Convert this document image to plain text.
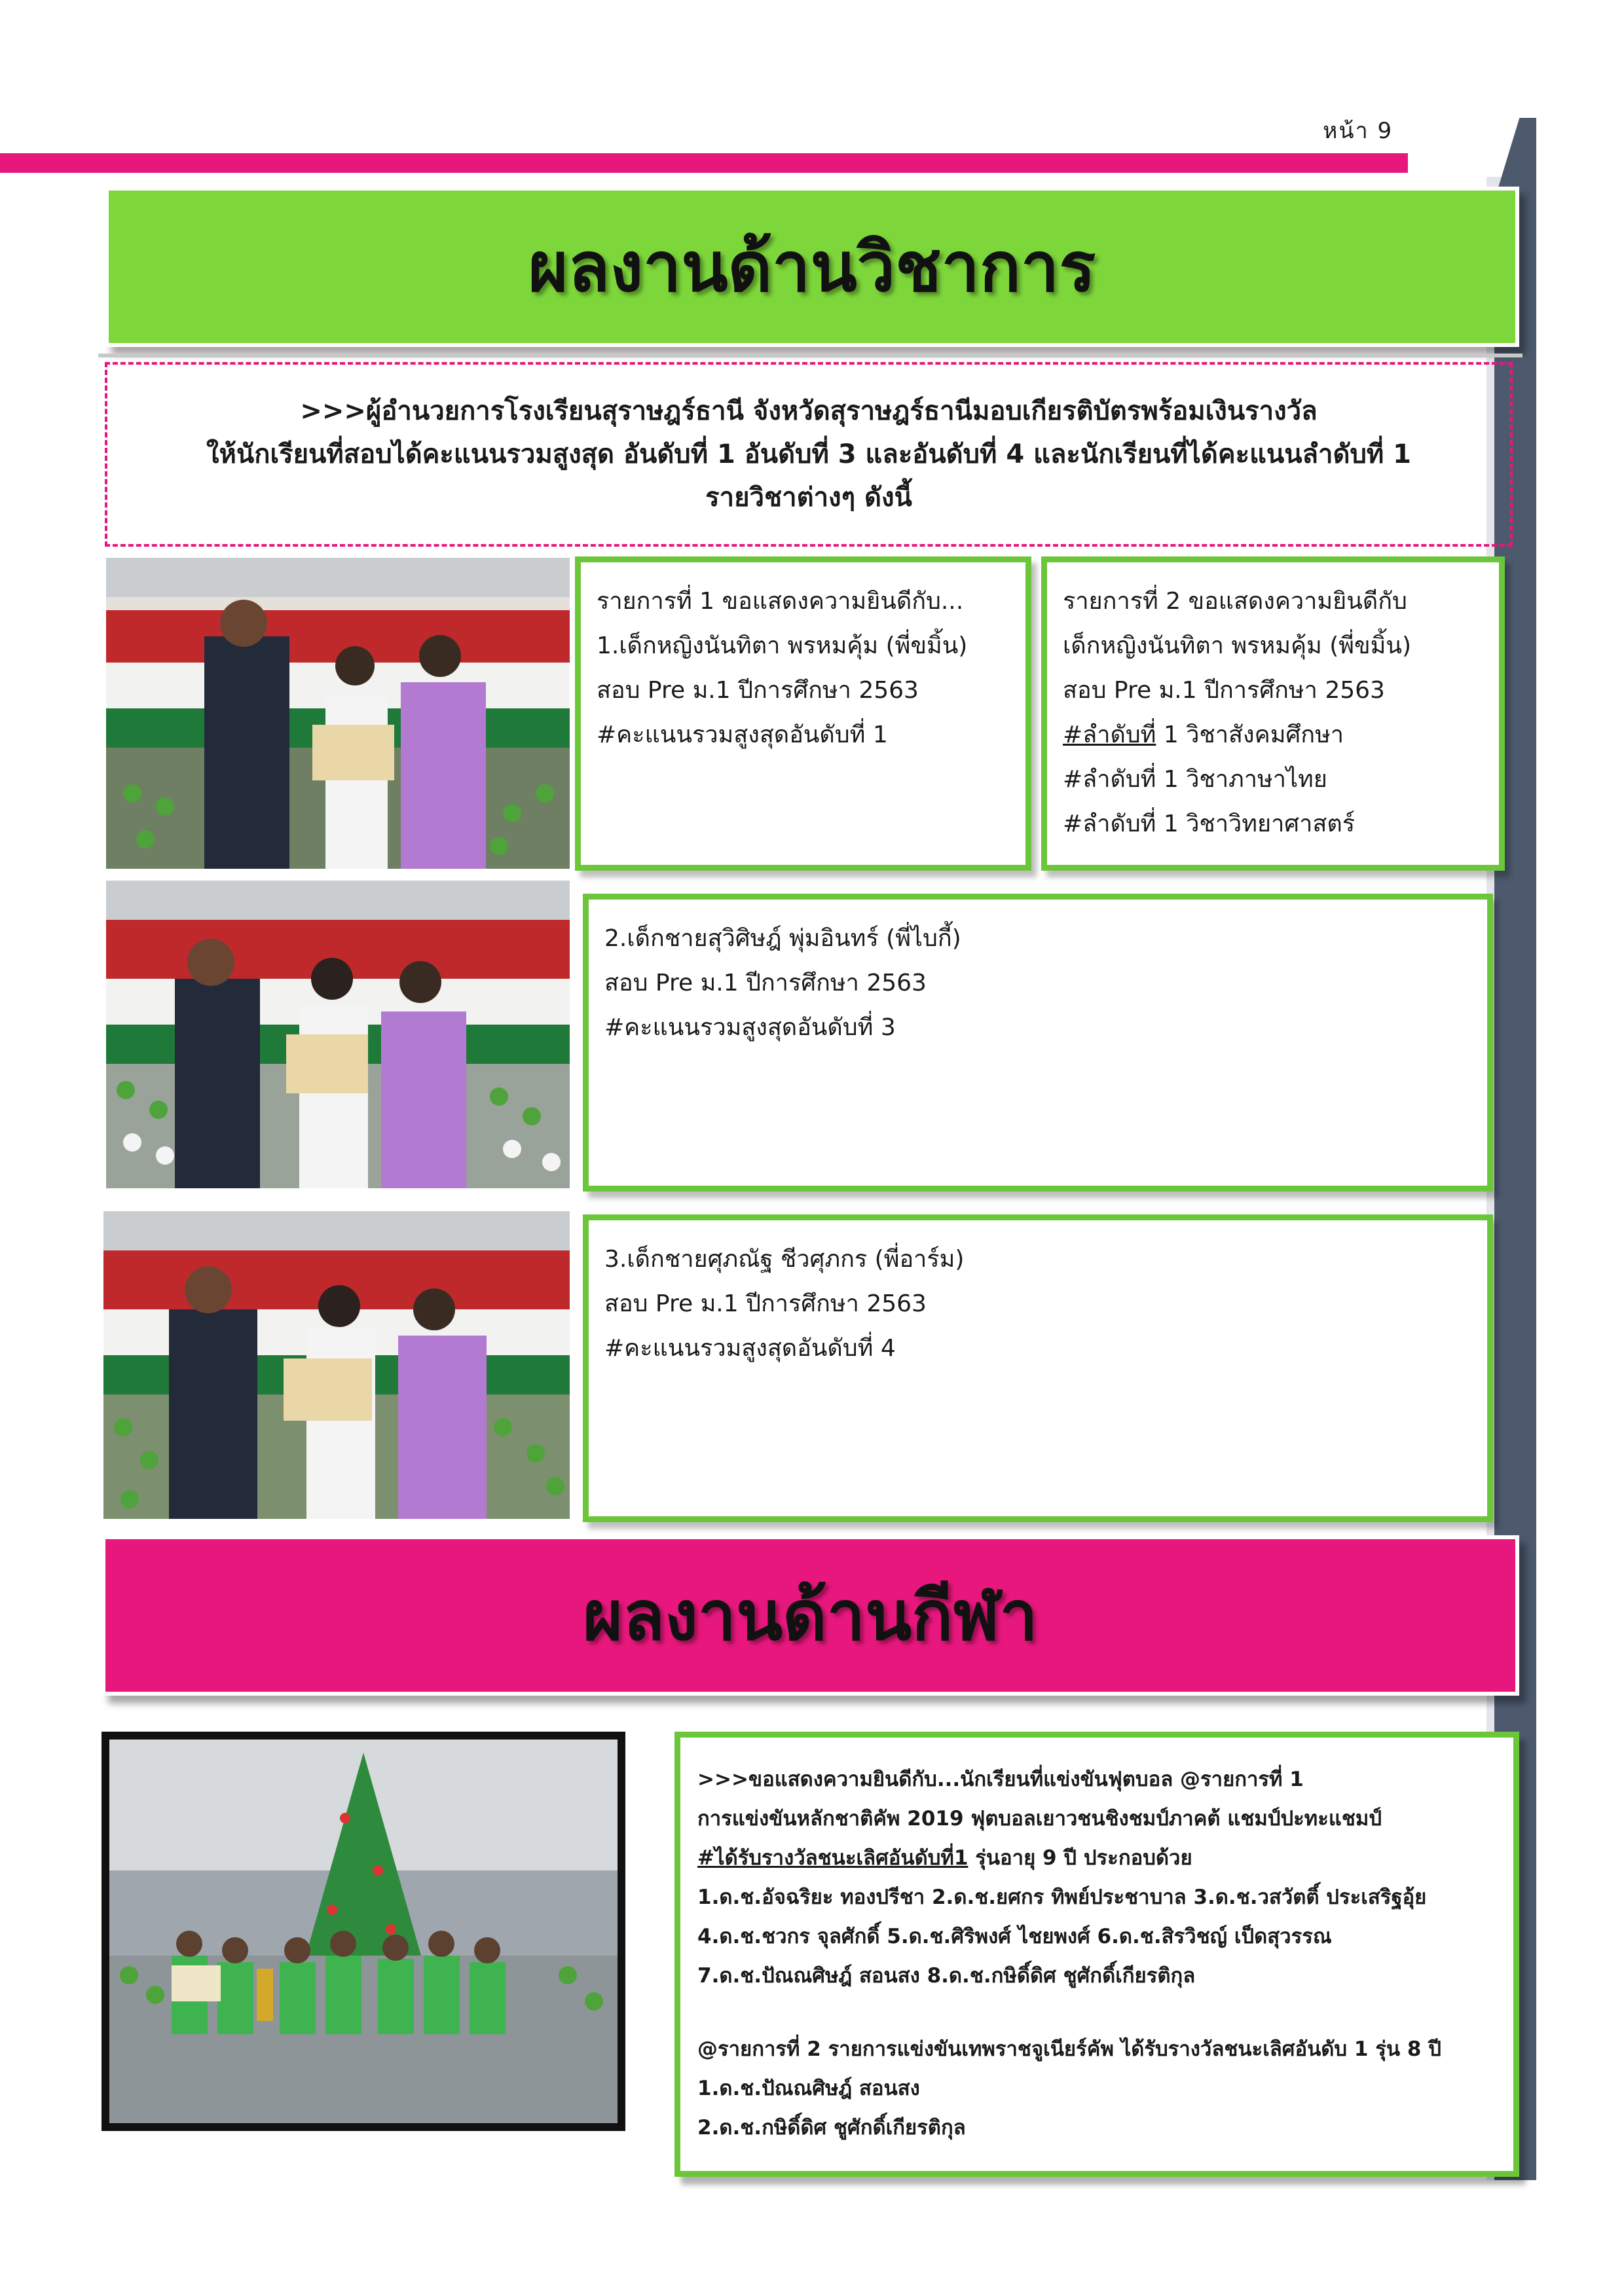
หน้า 9
ผลงานด้านวิชาการ
>>>ผู้อำนวยการโรงเรียนสุราษฎร์ธานี จังหวัดสุราษฎร์ธานีมอบเกียรติบัตรพร้อมเงินรางวัล
ให้นักเรียนที่สอบได้คะแนนรวมสูงสุด อันดับที่ 1 อันดับที่ 3 และอันดับที่ 4 และนักเรียนที่ได้คะแนนลำดับที่ 1
รายวิชาต่างๆ ดังนี้
รายการที่ 1 ขอแสดงความยินดีกับ...
1.เด็กหญิงนันทิตา พรหมคุ้ม (พี่ขมิ้น)
สอบ Pre ม.1 ปีการศึกษา 2563
#คะแนนรวมสูงสุดอันดับที่ 1
รายการที่ 2 ขอแสดงความยินดีกับ
เด็กหญิงนันทิตา พรหมคุ้ม (พี่ขมิ้น)
สอบ Pre ม.1 ปีการศึกษา 2563
#ลำดับที่ 1 วิชาสังคมศึกษา
#ลำดับที่ 1 วิชาภาษาไทย
#ลำดับที่ 1 วิชาวิทยาศาสตร์
2.เด็กชายสุวิศิษฎ์ พุ่มอินทร์ (พี่ไบกี้)
สอบ Pre ม.1 ปีการศึกษา 2563
#คะแนนรวมสูงสุดอันดับที่ 3
3.เด็กชายศุภณัฐ ชีวศุภกร (พี่อาร์ม)
สอบ Pre ม.1 ปีการศึกษา 2563
#คะแนนรวมสูงสุดอันดับที่ 4
ผลงานด้านกีฬา
>>>ขอแสดงความยินดีกับ...นักเรียนที่แข่งขันฟุตบอล @รายการที่ 1
การแข่งขันหลักชาติคัพ 2019 ฟุตบอลเยาวชนชิงชมป์ภาคต้ แชมป์ปะทะแชมป์
#ได้รับรางวัลชนะเลิศอันดับที่1 รุ่นอายุ 9 ปี ประกอบด้วย
1.ด.ช.อัจฉริยะ ทองปรีชา 2.ด.ช.ยศกร ทิพย์ประชาบาล 3.ด.ช.วสวัตติ์ ประเสริฐอุ้ย
4.ด.ช.ชวกร จุลศักดิ์ 5.ด.ช.ศิริพงศ์ ไชยพงศ์ 6.ด.ช.สิรวิชญ์ เป็ดสุวรรณ
7.ด.ช.ปัณณศิษฎ์ สอนสง 8.ด.ช.กษิดิ์ดิศ ชูศักดิ์เกียรติกุล
@รายการที่ 2 รายการแข่งขันเทพราชจูเนียร์คัพ ได้รับรางวัลชนะเลิศอันดับ 1 รุ่น 8 ปี
1.ด.ช.ปัณณศิษฎ์ สอนสง
2.ด.ช.กษิดิ์ดิศ ชูศักดิ์เกียรติกุล
